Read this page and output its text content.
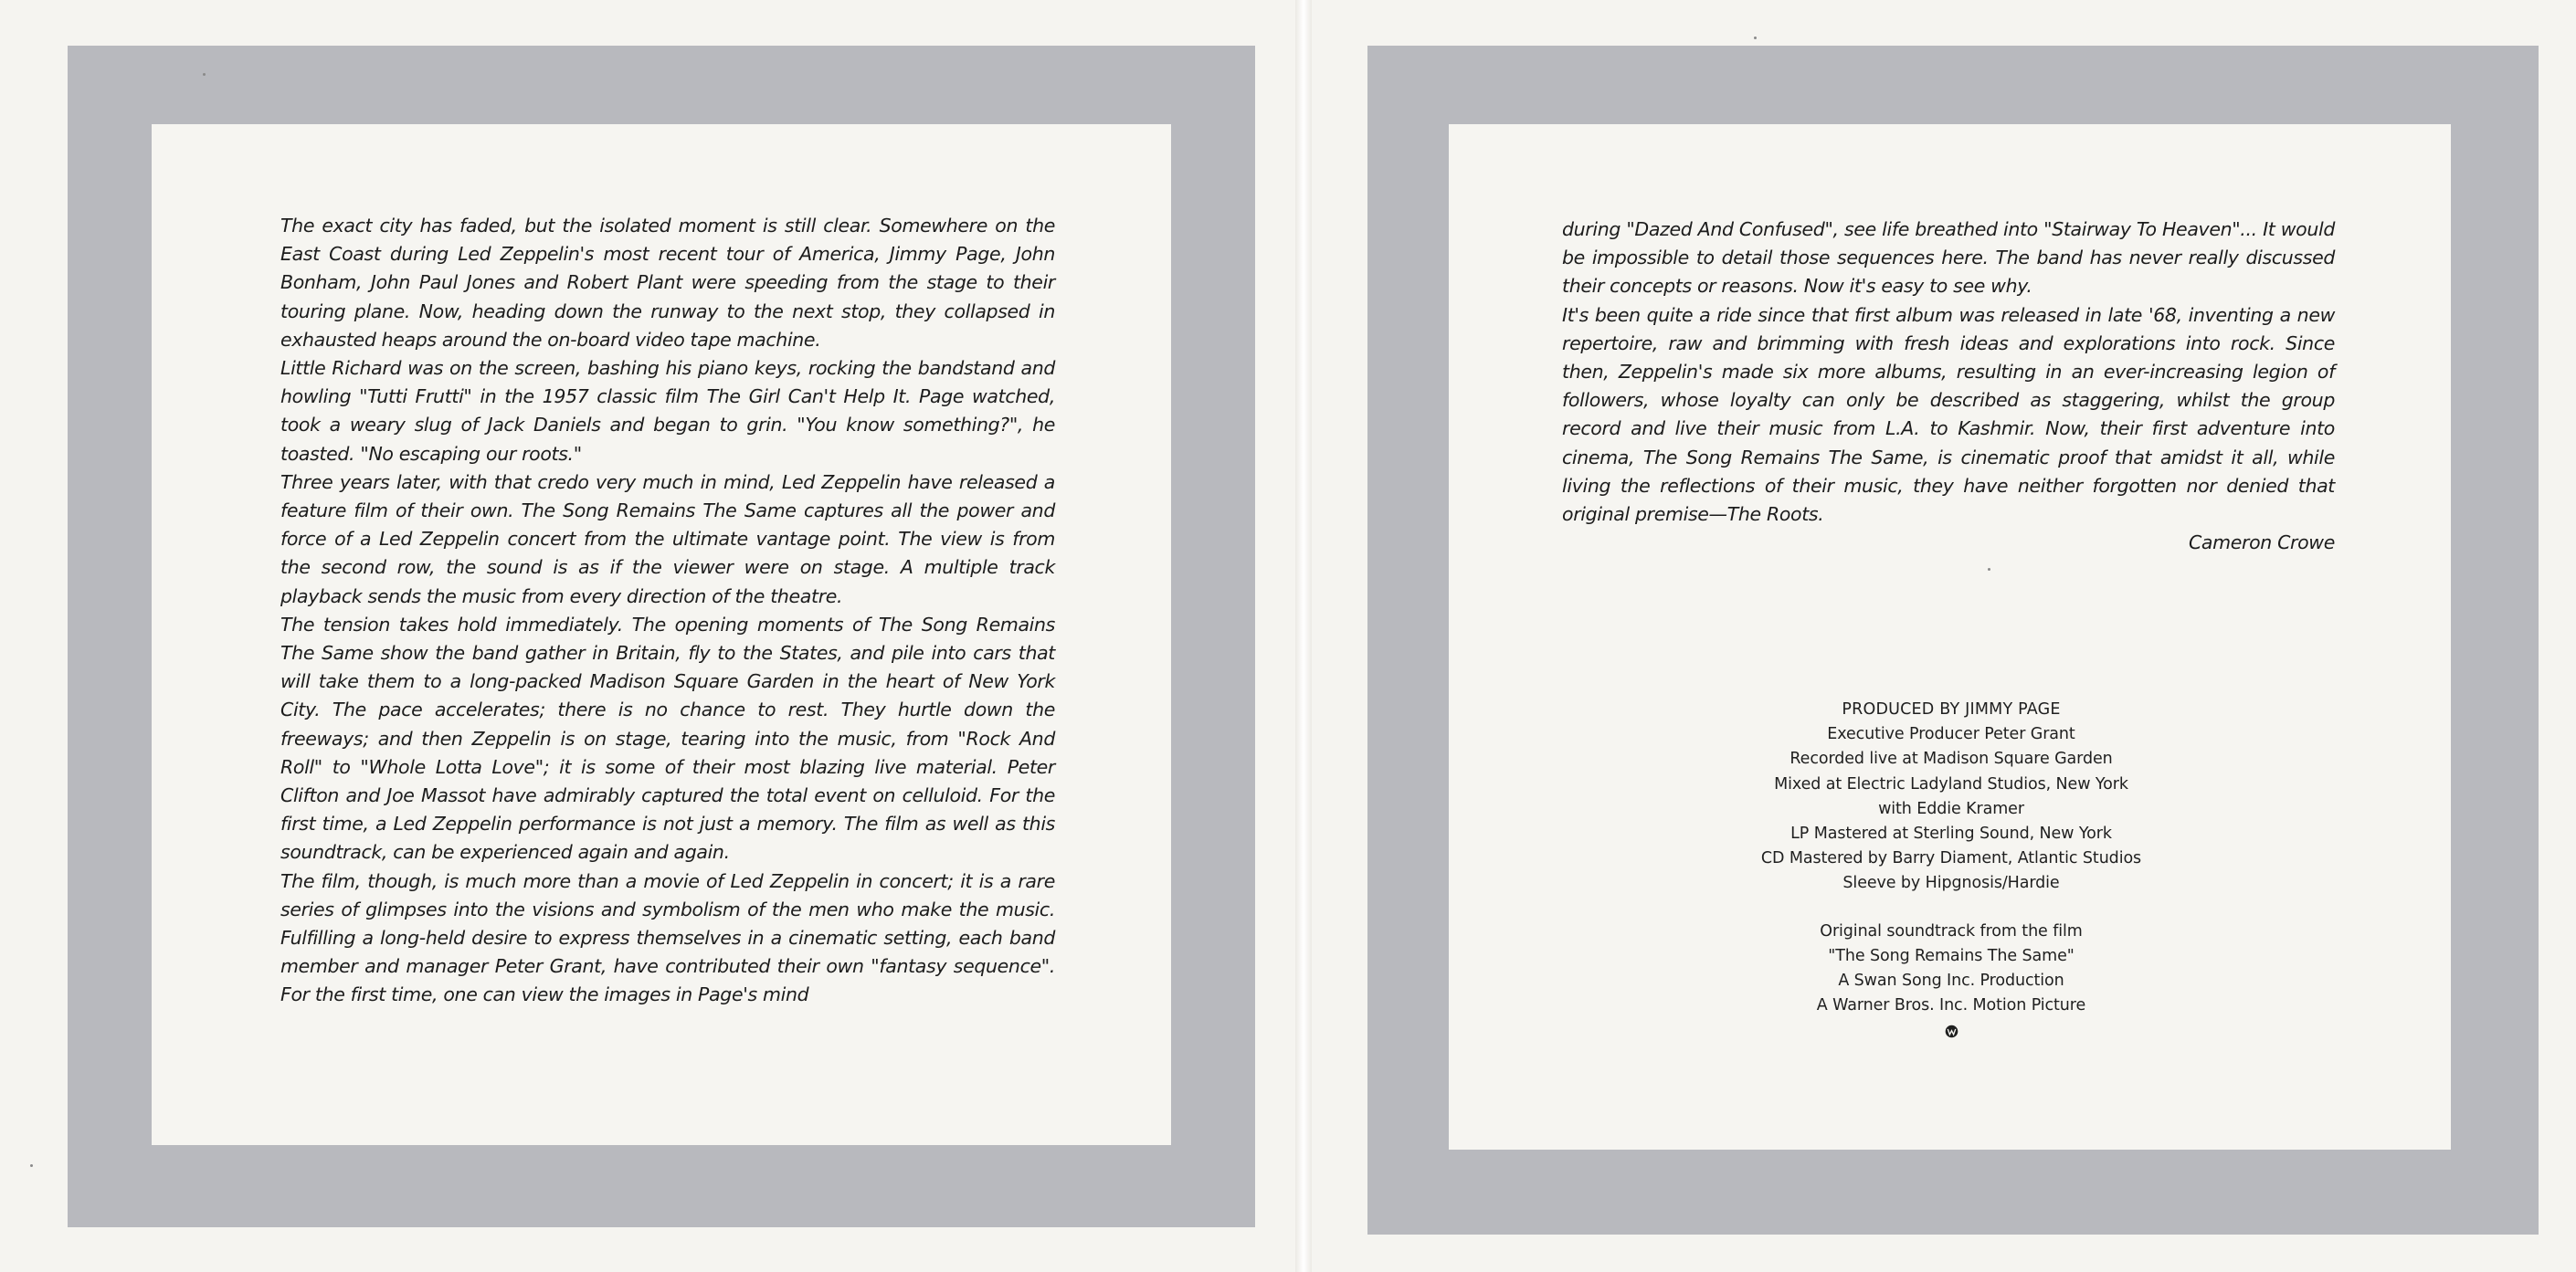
The exact city has faded, but the isolated moment is still clear. Somewhere on the East Coast during Led Zeppelin's most recent tour of America, Jimmy Page, John Bonham, John Paul Jones and Robert Plant were speeding from the stage to their touring plane. Now, heading down the runway to the next stop, they collapsed in exhausted heaps around the on-board video tape machine.

Little Richard was on the screen, bashing his piano keys, rocking the bandstand and howling "Tutti Frutti" in the 1957 classic film The Girl Can't Help It. Page watched, took a weary slug of Jack Daniels and began to grin. "You know something?", he toasted. "No escaping our roots."

Three years later, with that credo very much in mind, Led Zeppelin have released a feature film of their own. The Song Remains The Same captures all the power and force of a Led Zeppelin concert from the ultimate vantage point. The view is from the second row, the sound is as if the viewer were on stage. A multiple track playback sends the music from every direction of the theatre.

The tension takes hold immediately. The opening moments of The Song Remains The Same show the band gather in Britain, fly to the States, and pile into cars that will take them to a long-packed Madison Square Garden in the heart of New York City. The pace accelerates; there is no chance to rest. They hurtle down the freeways; and then Zeppelin is on stage, tearing into the music, from "Rock And Roll" to "Whole Lotta Love"; it is some of their most blazing live material. Peter Clifton and Joe Massot have admirably captured the total event on celluloid. For the first time, a Led Zeppelin performance is not just a memory. The film as well as this soundtrack, can be experienced again and again.

The film, though, is much more than a movie of Led Zeppelin in concert; it is a rare series of glimpses into the visions and symbolism of the men who make the music. Fulfilling a long-held desire to express themselves in a cinematic setting, each band member and manager Peter Grant, have contributed their own "fantasy sequence". For the first time, one can view the images in Page's mind

during "Dazed And Confused", see life breathed into "Stairway To Heaven"... It would be impossible to detail those sequences here. The band has never really discussed their concepts or reasons. Now it's easy to see why.

It's been quite a ride since that first album was released in late '68, inventing a new repertoire, raw and brimming with fresh ideas and explorations into rock. Since then, Zeppelin's made six more albums, resulting in an ever-increasing legion of followers, whose loyalty can only be described as staggering, whilst the group record and live their music from L.A. to Kashmir. Now, their first adventure into cinema, The Song Remains The Same, is cinematic proof that amidst it all, while living the reflections of their music, they have neither forgotten nor denied that original premise—The Roots.

Cameron Crowe

PRODUCED BY JIMMY PAGE
Executive Producer Peter Grant
Recorded live at Madison Square Garden
Mixed at Electric Ladyland Studios, New York
with Eddie Kramer
LP Mastered at Sterling Sound, New York
CD Mastered by Barry Diament, Atlantic Studios
Sleeve by Hipgnosis/Hardie
Original soundtrack from the film
"The Song Remains The Same"
A Swan Song Inc. Production
A Warner Bros. Inc. Motion Picture
